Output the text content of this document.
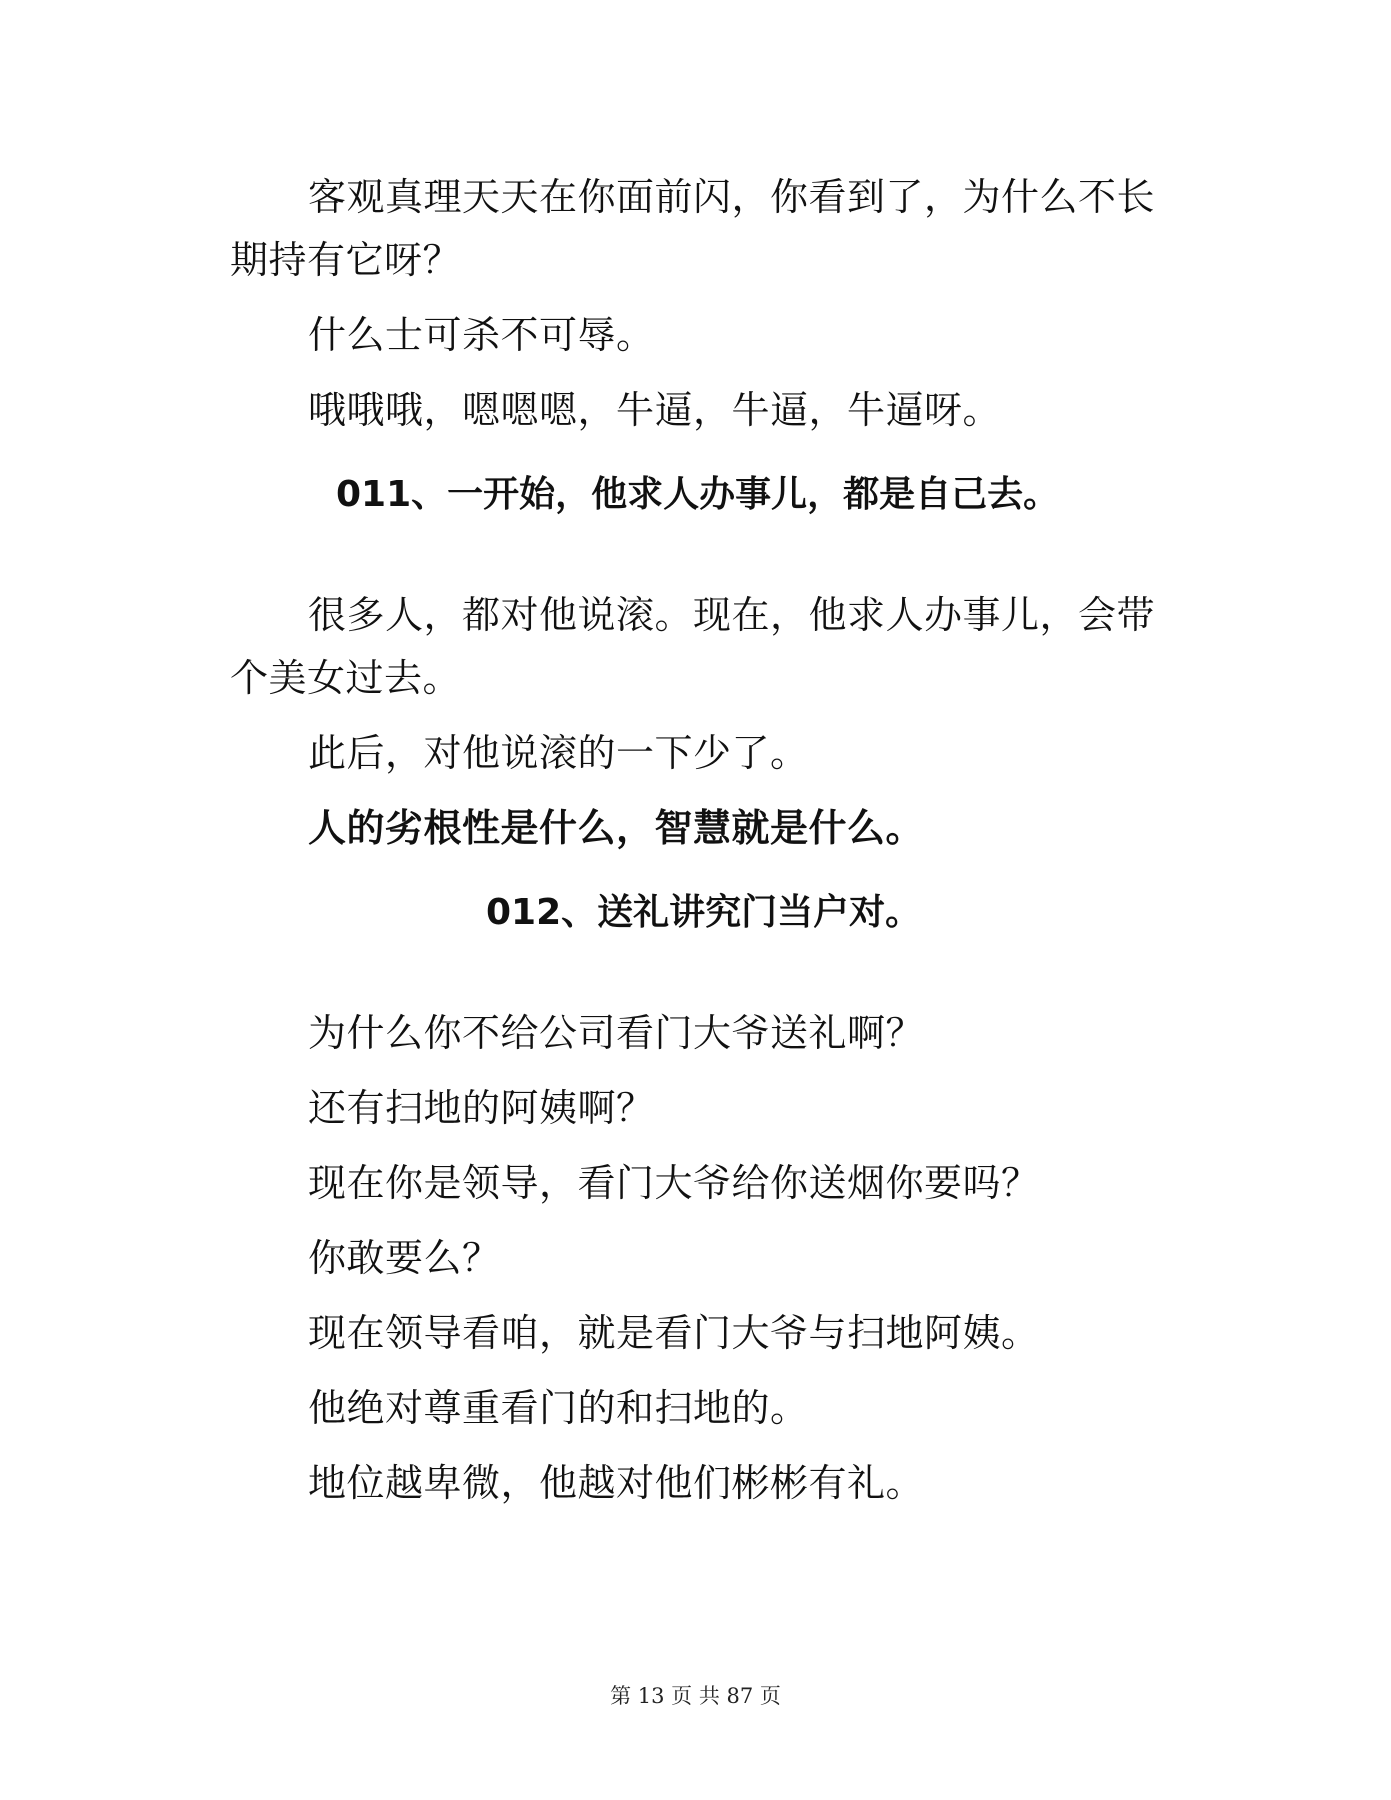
客观真理天天在你面前闪，你看到了，为什么不长期持有它呀？

什么士可杀不可辱。

哦哦哦，嗯嗯嗯，牛逼，牛逼，牛逼呀。

011、一开始，他求人办事儿，都是自己去。

很多人，都对他说滚。现在，他求人办事儿，会带个美女过去。

此后，对他说滚的一下少了。

人的劣根性是什么，智慧就是什么。

012、送礼讲究门当户对。

为什么你不给公司看门大爷送礼啊？

还有扫地的阿姨啊？

现在你是领导，看门大爷给你送烟你要吗？

你敢要么？

现在领导看咱，就是看门大爷与扫地阿姨。

他绝对尊重看门的和扫地的。

地位越卑微，他越对他们彬彬有礼。

第 13 页 共 87 页
